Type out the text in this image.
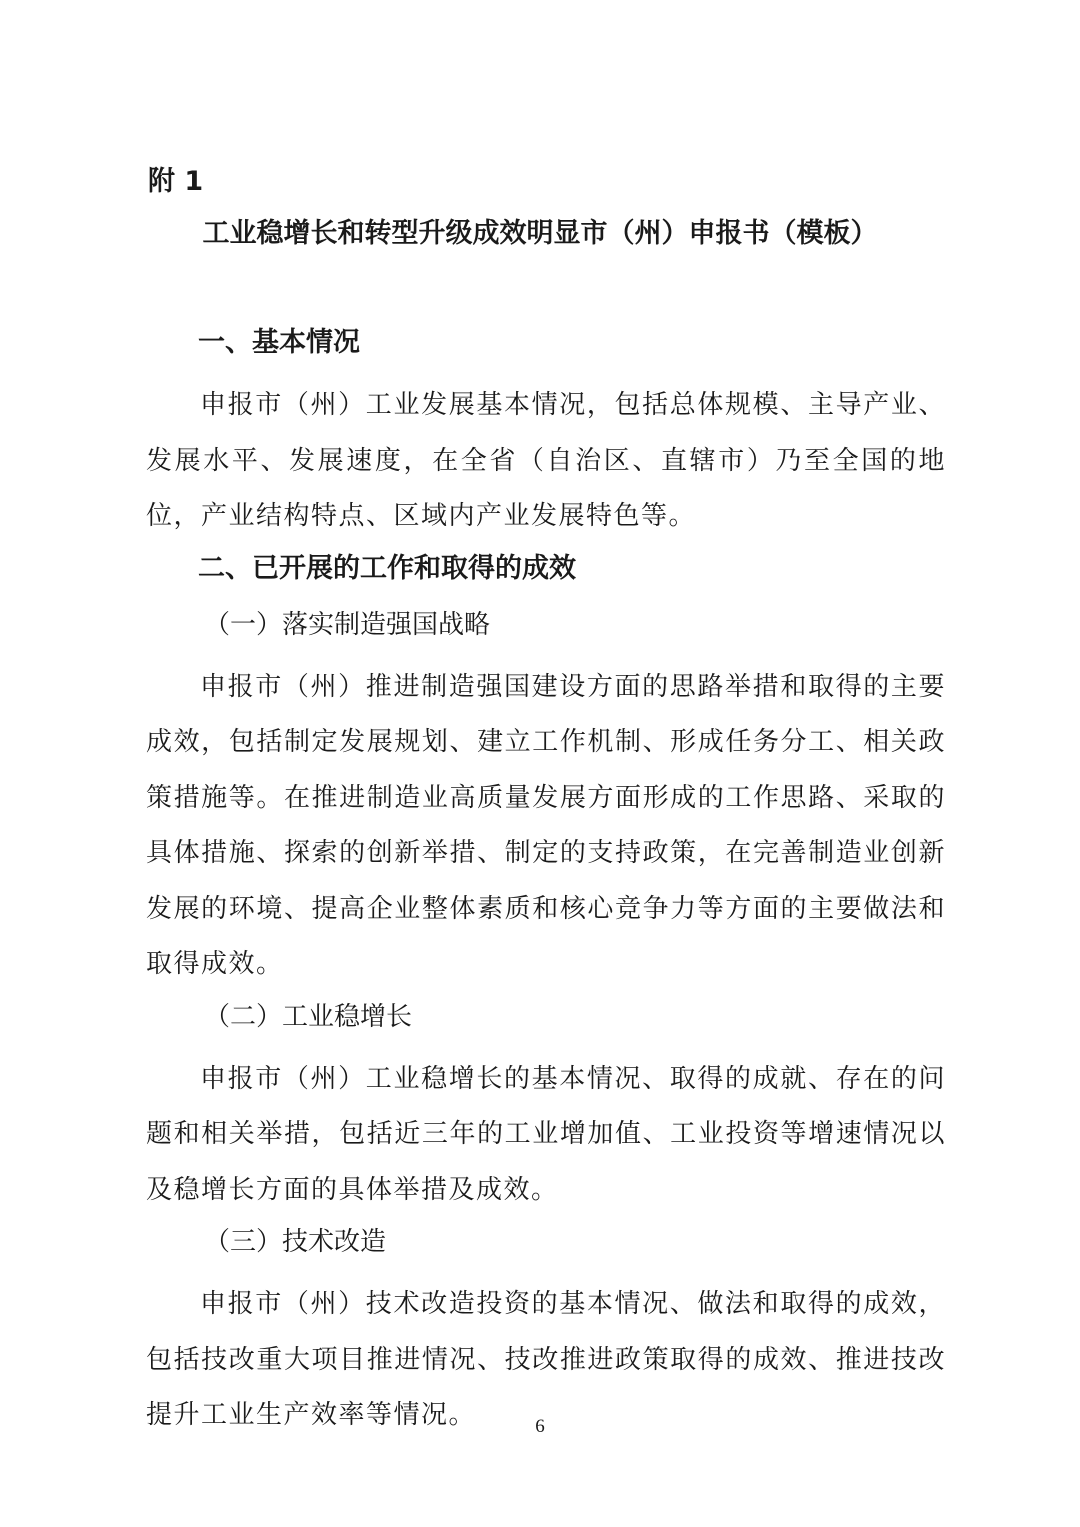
附 1
工业稳增长和转型升级成效明显市（州）申报书（模板）
一、基本情况
申报市（州）工业发展基本情况，包括总体规模、主导产业、发展水平、发展速度，在全省（自治区、直辖市）乃至全国的地位，产业结构特点、区域内产业发展特色等。
二、已开展的工作和取得的成效
（一）落实制造强国战略
申报市（州）推进制造强国建设方面的思路举措和取得的主要成效，包括制定发展规划、建立工作机制、形成任务分工、相关政策措施等。在推进制造业高质量发展方面形成的工作思路、采取的具体措施、探索的创新举措、制定的支持政策，在完善制造业创新发展的环境、提高企业整体素质和核心竞争力等方面的主要做法和取得成效。
（二）工业稳增长
申报市（州）工业稳增长的基本情况、取得的成就、存在的问题和相关举措，包括近三年的工业增加值、工业投资等增速情况以及稳增长方面的具体举措及成效。
（三）技术改造
申报市（州）技术改造投资的基本情况、做法和取得的成效，包括技改重大项目推进情况、技改推进政策取得的成效、推进技改提升工业生产效率等情况。	6
